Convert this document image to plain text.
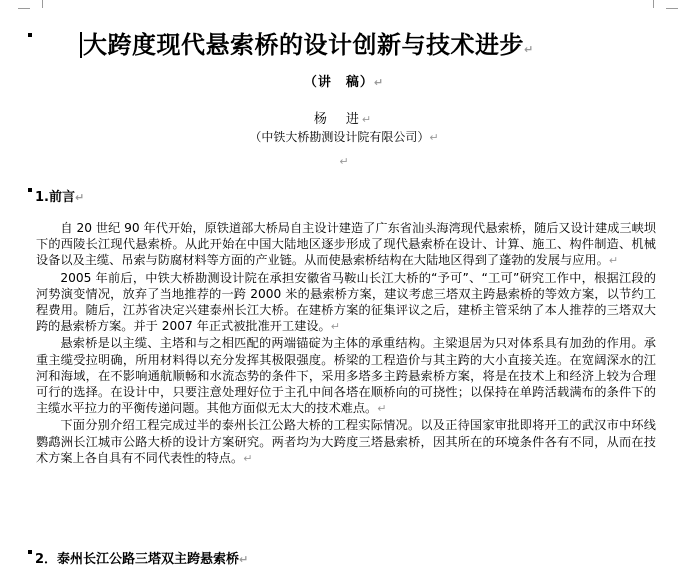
大跨度现代悬索桥的设计创新与技术进步↵
（讲　稿）↵
杨　进↵
（中铁大桥勘测设计院有限公司）↵
↵
1.前言↵

自 20 世纪 90 年代开始，原铁道部大桥局自主设计建造了广东省汕头海湾现代悬索桥，随后又设计建成三峡坝下的西陵长江现代悬索桥。从此开始在中国大陆地区逐步形成了现代悬索桥在设计、计算、施工、构件制造、机械设备以及主缆、吊索与防腐材料等方面的产业链。从而使悬索桥结构在大陆地区得到了蓬勃的发展与应用。↵

2005 年前后，中铁大桥勘测设计院在承担安徽省马鞍山长江大桥的“予可”、“工可”研究工作中，根据江段的河势演变情况，放弃了当地推荐的一跨 2000 米的悬索桥方案，建议考虑三塔双主跨悬索桥的等效方案，以节约工程费用。随后，江苏省决定兴建泰州长江大桥。在建桥方案的征集评议之后，建桥主管采纳了本人推荐的三塔双大跨的悬索桥方案。并于 2007 年正式被批准开工建设。↵

悬索桥是以主缆、主塔和与之相匹配的两端锚碇为主体的承重结构。主梁退居为只对体系具有加劲的作用。承重主缆受拉明确，所用材料得以充分发挥其极限强度。桥梁的工程造价与其主跨的大小直接关连。在宽阔深水的江河和海域，在不影响通航顺畅和水流态势的条件下，采用多塔多主跨悬索桥方案，将是在技术上和经济上较为合理可行的选择。在设计中，只要注意处理好位于主孔中间各塔在顺桥向的可挠性；以保持在单跨活载满布的条件下的主缆水平拉力的平衡传递问题。其他方面似无太大的技术难点。↵

下面分别介绍工程完成过半的泰州长江公路大桥的工程实际情况。以及正待国家审批即将开工的武汉市中环线鹦鹉洲长江城市公路大桥的设计方案研究。两者均为大跨度三塔悬索桥，因其所在的环境条件各有不同，从而在技术方案上各自具有不同代表性的特点。↵

2．泰州长江公路三塔双主跨悬索桥↵
